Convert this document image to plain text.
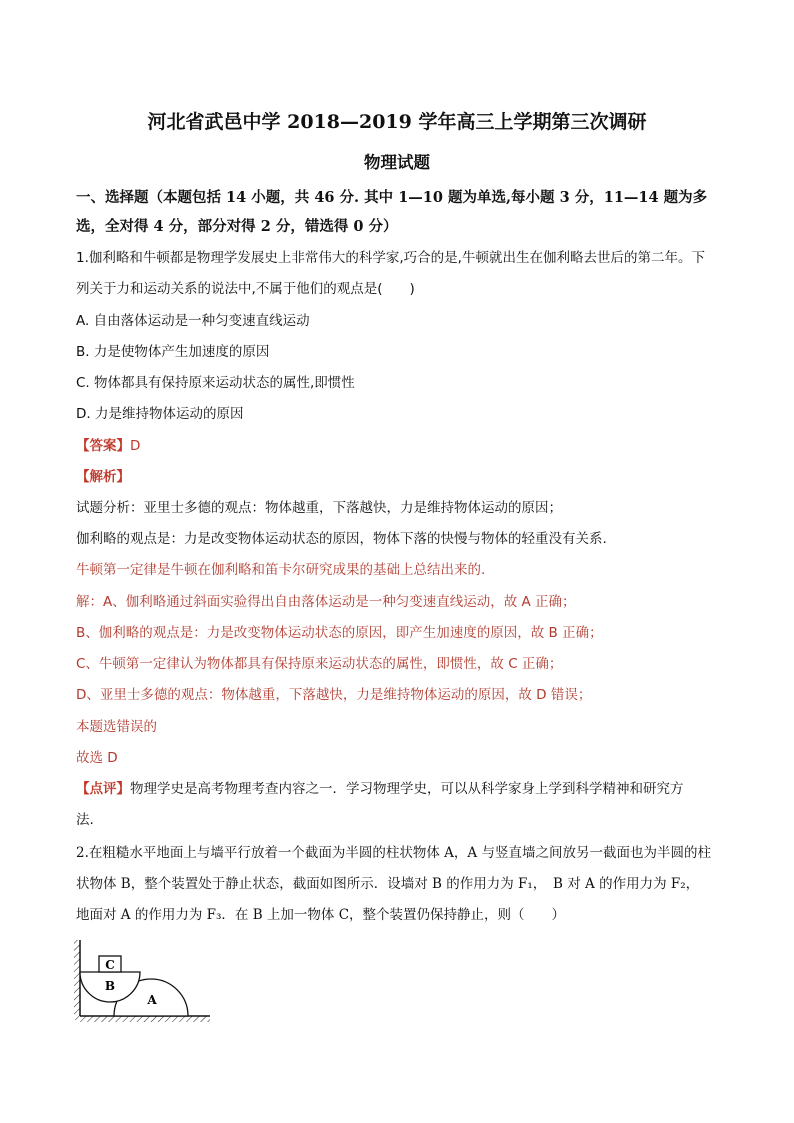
河北省武邑中学 2018—2019 学年高三上学期第三次调研
物理试题
一、选择题（本题包括 14 小题，共 46 分. 其中 1—10 题为单选,每小题 3 分，11—14 题为多
选，全对得 4 分，部分对得 2 分，错选得 0 分）
1.伽利略和牛顿都是物理学发展史上非常伟大的科学家,巧合的是,牛顿就出生在伽利略去世后的第二年。下
列关于力和运动关系的说法中,不属于他们的观点是(　　)
A. 自由落体运动是一种匀变速直线运动
B. 力是使物体产生加速度的原因
C. 物体都具有保持原来运动状态的属性,即惯性
D. 力是维持物体运动的原因
【答案】D
【解析】
试题分析：亚里士多德的观点：物体越重，下落越快，力是维持物体运动的原因；
伽利略的观点是：力是改变物体运动状态的原因，物体下落的快慢与物体的轻重没有关系.
牛顿第一定律是牛顿在伽利略和笛卡尔研究成果的基础上总结出来的.
解：A、伽利略通过斜面实验得出自由落体运动是一种匀变速直线运动，故 A 正确；
B、伽利略的观点是：力是改变物体运动状态的原因，即产生加速度的原因，故 B 正确；
C、牛顿第一定律认为物体都具有保持原来运动状态的属性，即惯性，故 C 正确；
D、亚里士多德的观点：物体越重，下落越快，力是维持物体运动的原因，故 D 错误；
本题选错误的
故选 D
【点评】物理学史是高考物理考查内容之一．学习物理学史，可以从科学家身上学到科学精神和研究方
法.
2.在粗糙水平地面上与墙平行放着一个截面为半圆的柱状物体 A，A 与竖直墙之间放另一截面也为半圆的柱
状物体 B，整个装置处于静止状态，截面如图所示．设墙对 B 的作用力为 F₁，　B 对 A 的作用力为 F₂，
地面对 A 的作用力为 F₃．在 B 上加一物体 C，整个装置仍保持静止，则（　　）
C
B
A
